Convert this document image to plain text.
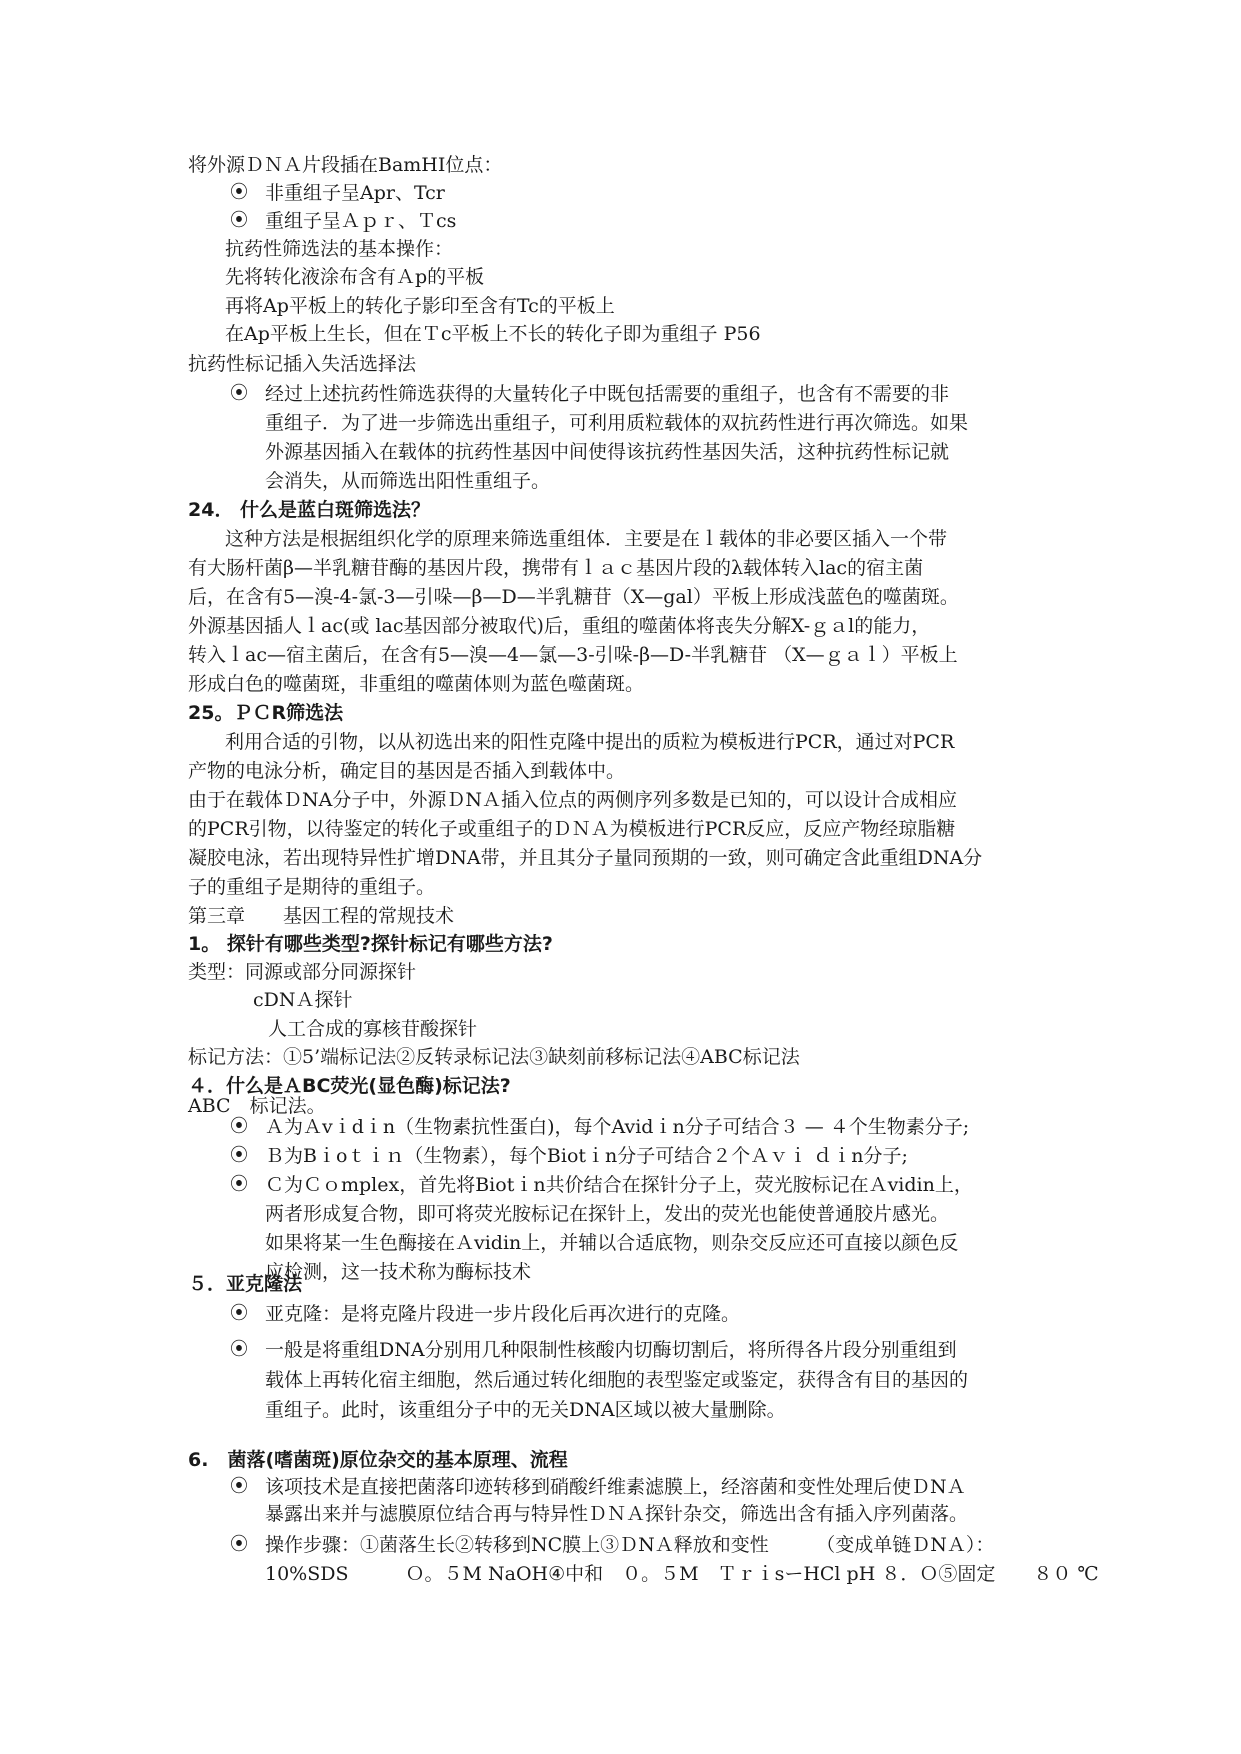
⦿
⦿
⦿
⦿
⦿
⦿
⦿
⦿
⦿
⦿
将外源ＤＮＡ片段插在BamHI位点：
非重组子呈Apr、Tcr
重组子呈Ａｐｒ、Ｔcs
抗药性筛选法的基本操作：
先将转化液涂布含有Ａp的平板
再将Ap平板上的转化子影印至含有Tc的平板上
在Ap平板上生长，但在Ｔc平板上不长的转化子即为重组子 P56
抗药性标记插入失活选择法
经过上述抗药性筛选获得的大量转化子中既包括需要的重组子，也含有不需要的非
重组子．为了进一步筛选出重组子，可利用质粒载体的双抗药性进行再次筛选。如果
外源基因插入在载体的抗药性基因中间使得该抗药性基因失活，这种抗药性标记就
会消失，从而筛选出阳性重组子。
24． 什么是蓝白斑筛选法？
这种方法是根据组织化学的原理来筛选重组体．主要是在ｌ载体的非必要区插入一个带
有大肠杆菌β—半乳糖苷酶的基因片段，携带有ｌａｃ基因片段的λ载体转入lac的宿主菌
后，在含有5—溴-4-氯-3—引哚—β—D—半乳糖苷（X—gal）平板上形成浅蓝色的噬菌斑。
外源基因插人ｌac(或 lac基因部分被取代)后，重组的噬菌体将丧失分解X-ｇａl的能力，
转入ｌac—宿主菌后，在含有5—溴—4—氯—3-引哚-β—D-半乳糖苷 （X—ｇａｌ）平板上
形成白色的噬菌斑，非重组的噬菌体则为蓝色噬菌斑。
25。ＰＣR筛选法
利用合适的引物，以从初选出来的阳性克隆中提出的质粒为模板进行PCR，通过对PCR
产物的电泳分析，确定目的基因是否插入到载体中。
由于在载体ＤNA分子中，外源ＤNＡ插入位点的两侧序列多数是已知的，可以设计合成相应
的PCR引物，以待鉴定的转化子或重组子的ＤＮＡ为模板进行PCR反应，反应产物经琼脂糖
凝胶电泳，若出现特异性扩增DNA带，并且其分子量同预期的一致，则可确定含此重组DNA分
子的重组子是期待的重组子。
第三章　　基因工程的常规技术
1。 探针有哪些类型?探针标记有哪些方法?
类型：同源或部分同源探针
cDNＡ探针
人工合成的寡核苷酸探针
标记方法：①5’端标记法②反转录标记法③缺刻前移标记法④ABC标记法
４．什么是ＡBC荧光(显色酶)标记法?
ABC　标记法。
Ａ为Ａvｉdｉn（生物素抗性蛋白)，每个Avidｉn分子可结合３ — ４个生物素分子;
Ｂ为Bｉoｔｉｎ（生物素），每个Biotｉn分子可结合２个Ａｖｉ ｄｉn分子;
Ｃ为Ｃｏmplex，首先将Biotｉn共价结合在探针分子上，荧光胺标记在Ａvidin上，
两者形成复合物，即可将荧光胺标记在探针上，发出的荧光也能使普通胶片感光。
如果将某一生色酶接在Ａvidin上，并辅以合适底物，则杂交反应还可直接以颜色反
应检测，这一技术称为酶标技术
５．亚克隆法
亚克隆：是将克隆片段进一步片段化后再次进行的克隆。
一般是将重组DNA分别用几种限制性核酸内切酶切割后，将所得各片段分别重组到
载体上再转化宿主细胞，然后通过转化细胞的表型鉴定或鉴定，获得含有目的基因的
重组子。此时，该重组分子中的无关DNA区域以被大量删除。
6.　菌落(嗜菌斑)原位杂交的基本原理、流程
该项技术是直接把菌落印迹转移到硝酸纤维素滤膜上，经溶菌和变性处理后使ＤNＡ
暴露出来并与滤膜原位结合再与特异性ＤＮＡ探针杂交，筛选出含有插入序列菌落。
操作步骤：①菌落生长②转移到NC膜上③ＤNＡ释放和变性　　　（变成单链ＤNＡ）：
10%SDS　　　Ｏ。５M NaOH④中和　０。５M　ＴｒｉsーHCl pH ８．Ｏ⑤固定　　８０ ℃
